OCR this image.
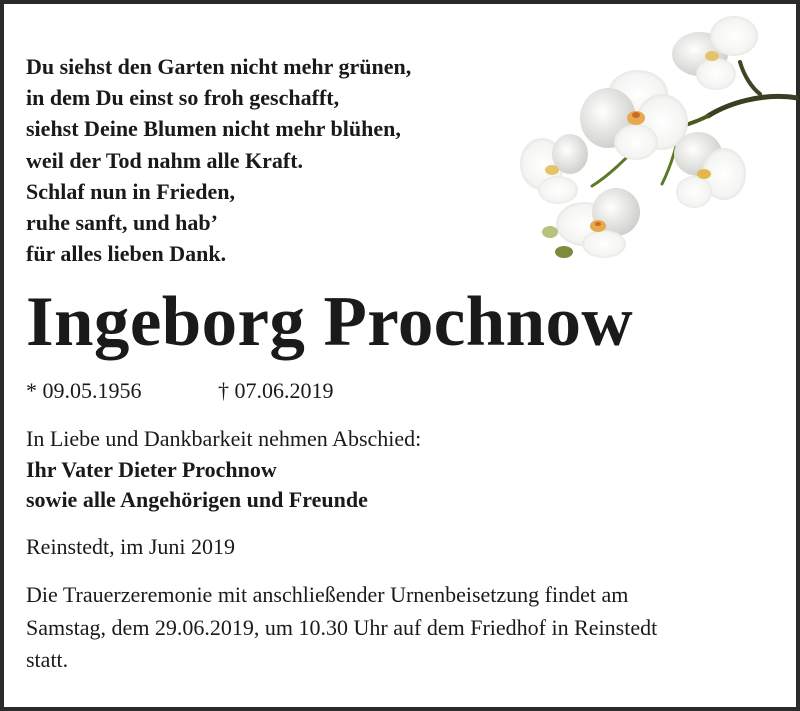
Du siehst den Garten nicht mehr grünen,
in dem Du einst so froh geschafft,
siehst Deine Blumen nicht mehr blühen,
weil der Tod nahm alle Kraft.
Schlaf nun in Frieden,
ruhe sanft, und hab’
für alles lieben Dank.
Ingeborg Prochnow
* 09.05.1956	† 07.06.2019
In Liebe und Dankbarkeit nehmen Abschied:
Ihr Vater Dieter Prochnow
sowie alle Angehörigen und Freunde
Reinstedt, im Juni 2019
Die Trauerzeremonie mit anschließender Urnenbeisetzung findet am
Samstag, dem 29.06.2019, um 10.30 Uhr auf dem Friedhof in Reinstedt
statt.
